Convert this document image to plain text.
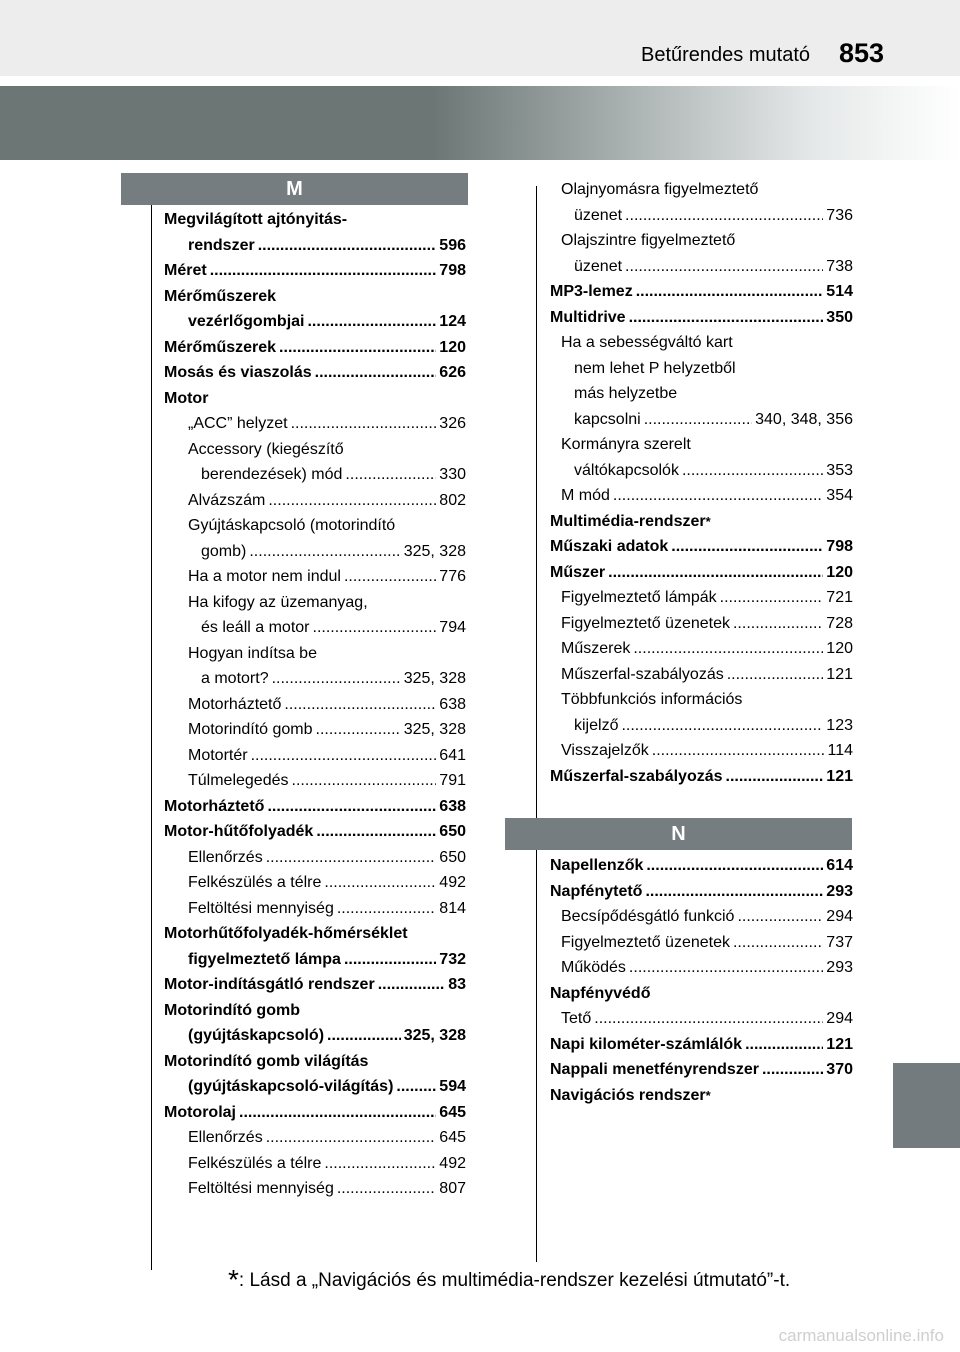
Betűrendes mutató 853
M
Megvilágított ajtónyitás-
rendszer .....	596
Méret .....	798
Mérőműszerek
vezérlőgombjai .....	124
Mérőműszerek .....	120
Mosás és viaszolás .....	626
Motor
„ACC” helyzet .....	326
Accessory (kiegészítő
berendezések) mód .....	330
Alvázszám .....	802
Gyújtáskapcsoló (motorindító
gomb) .....	325, 328
Ha a motor nem indul .....	776
Ha kifogy az üzemanyag,
és leáll a motor .....	794
Hogyan indítsa be
a motort? .....	325, 328
Motorháztető .....	638
Motorindító gomb .....	325, 328
Motortér .....	641
Túlmelegedés .....	791
Motorháztető .....	638
Motor-hűtőfolyadék .....	650
Ellenőrzés .....	650
Felkészülés a télre .....	492
Feltöltési mennyiség .....	814
Motorhűtőfolyadék-hőmérséklet
figyelmeztető lámpa .....	732
Motor-indításgátló rendszer .....	83
Motorindító gomb
(gyújtáskapcsoló) .....	325, 328
Motorindító gomb világítás
(gyújtáskapcsoló-világítás) .....	594
Motorolaj .....	645
Ellenőrzés .....	645
Felkészülés a télre .....	492
Feltöltési mennyiség .....	807
Olajnyomásra figyelmeztető
üzenet .....	736
Olajszintre figyelmeztető
üzenet .....	738
MP3-lemez .....	514
Multidrive .....	350
Ha a sebességváltó kart
nem lehet P helyzetből
más helyzetbe
kapcsolni .....	340, 348, 356
Kormányra szerelt
váltókapcsolók .....	353
M mód .....	354
Multimédia-rendszer *
Műszaki adatok .....	798
Műszer .....	120
Figyelmeztető lámpák .....	721
Figyelmeztető üzenetek .....	728
Műszerek .....	120
Műszerfal-szabályozás .....	121
Többfunkciós információs
kijelző .....	123
Visszajelzők .....	114
Műszerfal-szabályozás .....	121
N
Napellenzők .....	614
Napfénytető .....	293
Becsípődésgátló funkció .....	294
Figyelmeztető üzenetek .....	737
Működés .....	293
Napfényvédő
Tető .....	294
Napi kilométer-számlálók .....	121
Nappali menetfényrendszer .....	370
Navigációs rendszer *
*: Lásd a „Navigációs és multimédia-rendszer kezelési útmutató”-t.
carmanualsonline.info
